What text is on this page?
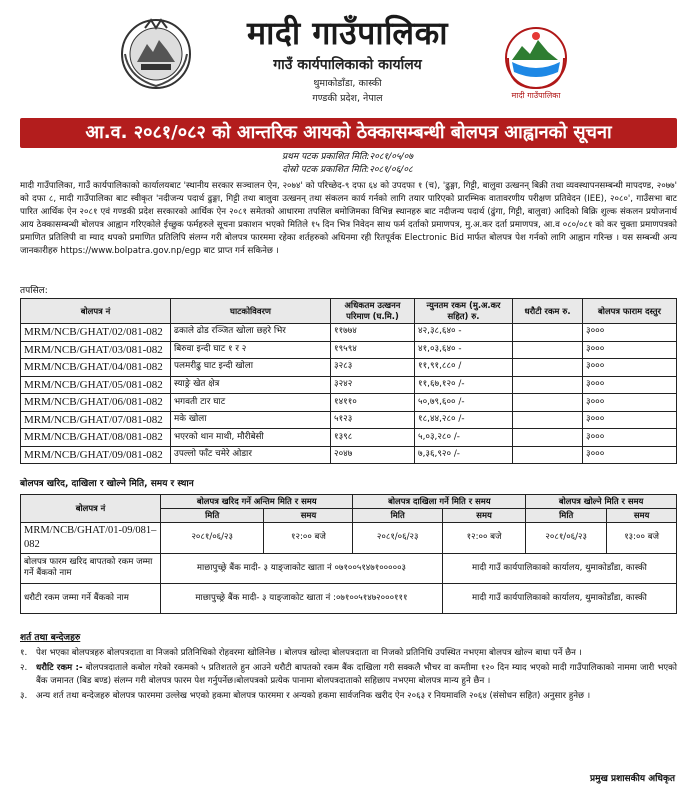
मादी गाउँपालिका
गाउँ कार्यपालिकाको कार्यालय
थुमाकोडाँडा, कास्की
गण्डकी प्रदेश, नेपाल	मादी गाउँपालिका
आ.व. २०८१/०८२ को आन्तरिक आयको ठेक्कासम्बन्धी बोलपत्र आह्वानको सूचना
प्रथम पटक प्रकाशित मिति:२०८१/०५/०७
दोस्रो पटक प्रकाशित मिति:२०८१/०६/०८
मादी गाउँपालिका, गाउँ कार्यपालिकाको कार्यालयबाट 'स्थानीय सरकार सञ्चालन ऐन, २०७४' को परिच्छेद-९ दफा ६४ को उपदफा १ (च), 'ढुङ्गा, गिट्टी, बालुवा उत्खनन् बिक्री तथा व्यवस्थापनसम्बन्धी मापदण्ड, २०७७' को दफा ८, मादी गाउँपालिका बाट स्वीकृत 'नदीजन्य पदार्थ ढुङ्गा, गिट्टी तथा बालुवा उत्खनन् तथा संकलन कार्य गर्नको लागि तयार पारिएको प्रारम्भिक वातावरणीय परीक्षण प्रतिवेदन (IEE), २०८०', गाउँसभा बाट पारित आर्थिक ऐन २०८१ एवं गण्डकी प्रदेश सरकारको आर्थिक ऐन २०८१ समेतको आधारमा तपसिल बमोजिमका विभिन्न स्थानहरु बाट नदीजन्य पदार्थ (ढुंगा, गिट्टी, बालुवा) आदिको बिक्रि शुल्क संकलन प्रयोजनार्थ आय ठेक्कासम्बन्धी बोलपत्र आह्वान गरिएकोले ईच्छुक फर्महरुले सूचना प्रकाशन भएको मितिले १५ दिन भित्र निवेदन साथ फर्म दर्ताको प्रमाणपत्र, मु.अ.कर दर्ता प्रमाणपत्र, आ.व ०८०/०८१ को कर चुक्ता प्रमाणपत्रको प्रमाणित प्रतिलिपी वा म्याद थपको प्रमाणित प्रतिलिपि संलग्न गरी बोलपत्र फारममा रहेका शर्तहरुको अधिनमा रही रितपूर्वक Electronic Bid मार्फत बोलपत्र पेश गर्नको लागि आह्वान गरिन्छ । यस सम्बन्धी अन्य जानकारीहरु https://www.bolpatra.gov.np/egp बाट प्राप्त गर्न सकिनेछ ।
तपसिल:
बोलपत्र नं	घाटकोविवरण	अधिकतम उत्खनन परिमाण (घ.मि.)	न्युनतम रकम (मु.अ.कर सहित) रु.	धरौटी रकम रु.	बोलपत्र फाराम दस्तुर
MRM/NCB/GHAT/02/081-082	ढकाले ढोड रञ्जित खोला छहरे भिर	११७७४	४२,३८,६४० -		३०००
MRM/NCB/GHAT/03/081-082	बिरुवा इन्दी घाट १ र २	१९५९४	४१,०३,६४० -		३०००
MRM/NCB/GHAT/04/081-082	पलमरीढु घाट इन्दी खोला	३२८३	११,९१,८८० /		३०००
MRM/NCB/GHAT/05/081-082	स्याङ्रे खेत क्षेत्र	३२४२	११,६७,१२० /-		३०००
MRM/NCB/GHAT/06/081-082	भगवती टार घाट	१४११०	५०,७९,६०० /-		३०००
MRM/NCB/GHAT/07/081-082	मके खोला	५१२३	१८,४४,२८० /-		३०००
MRM/NCB/GHAT/08/081-082	भएरको थान माथी, मौरीबेसी	१३९८	५,०३,२८० /-		३०००
MRM/NCB/GHAT/09/081-082	उपल्लो फाँट चमेरे ओडार	२०४७	७,३६,९२० /-		३०००
बोलपत्र खरिद, दाखिला र खोल्ने मिति, समय र स्थान
बोलपत्र नं	बोलपत्र खरिद गर्ने अन्तिम मिति र समय		बोलपत्र दाखिला गर्ने मिति र समय		बोलपत्र खोल्ने मिति र समय	
	मिति	समय	मिति	समय	मिति	समय
MRM/NCB/GHAT/01-09/081–082	२०८१/०६/२३	१२:०० बजे	२०८१/०६/२३	१२:०० बजे	२०८१/०६/२३	१३:०० बजे
बोलपत्र फारम खरिद बापतको रकम जम्मा गर्ने बैंकको नाम	माछापुच्छ्रे बैंक मादी- ३ याङ्जाकोट खाता नं ०७१००५१४७१०००००३			मादी गाउँ कार्यपालिकाको कार्यालय, थुमाकोडाँडा, कास्की		
धरौटी रकम जम्मा गर्ने बैंकको नाम	माछापुच्छ्रे बैंक मादी- ३ याङ्जाकोट खाता नं :०७१००५१४७२०००१११			मादी गाउँ कार्यपालिकाको कार्यालय, थुमाकोडाँडा, कास्की		
शर्त तथा बन्देजहरु
१.	पेश भएका बोलपत्रहरु बोलपत्रदाता वा निजको प्रतिनिधिको रोहवरमा खोलिनेछ । बोलपत्र खोल्दा बोलपत्रदाता वा निजको प्रतिनिधि उपस्थित नभएमा बोलपत्र खोल्न बाधा पर्ने छैन ।
२.	धरौटि रकम :- बोलपत्रदाताले कबोल गरेको रकमको ५ प्रतिशतले हुन आउने धरौटी बापतको रकम बैंक दाखिला गरी सक्कलै भौचर वा कम्तीमा १२० दिन म्याद भएको मादी गाउँपालिकाको नाममा जारी भएको बैंक जमानत (बिड बण्ड) संलग्न गरी बोलपत्र फारम पेश गर्नुपर्नेछ।बोलपत्रको प्रत्येक पानामा बोलपत्रदाताको सहिछाप नभएमा बोलपत्र मान्य हुने छैन ।
३.	अन्य शर्त तथा बन्देजहरु बोलपत्र फारममा उल्लेख भएको हकमा बोलपत्र फारममा र अन्यको हकमा सार्वजनिक खरीद ऐन २०६३ र नियमावलि २०६४ (संसोधन सहित) अनुसार हुनेछ ।
प्रमुख प्रशासकीय अधिकृत
